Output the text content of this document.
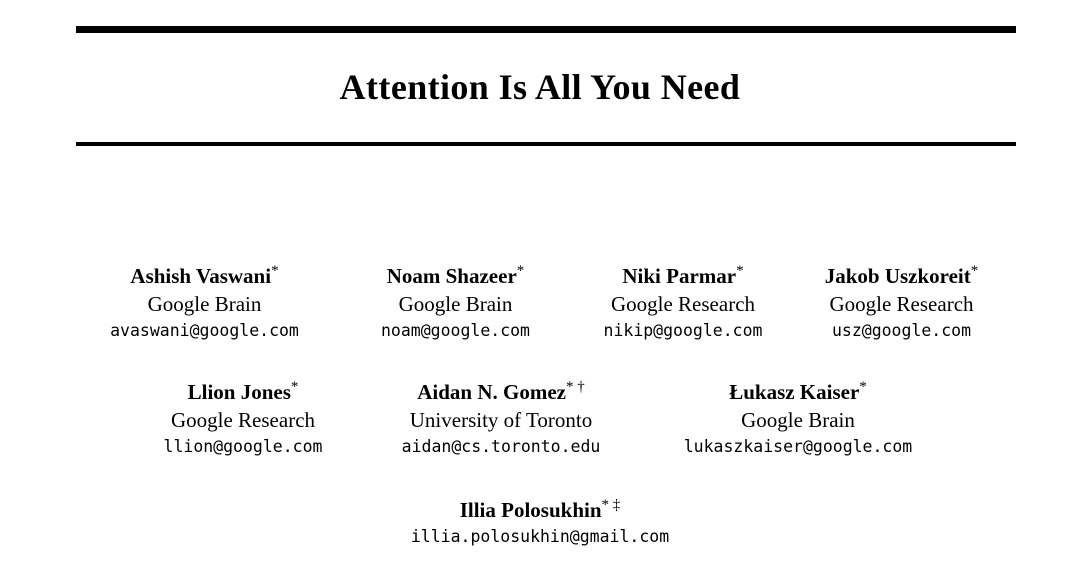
Attention Is All You Need
Ashish Vaswani*
Google Brain
avaswani@google.com
Noam Shazeer*
Google Brain
noam@google.com
Niki Parmar*
Google Research
nikip@google.com
Jakob Uszkoreit*
Google Research
usz@google.com
Llion Jones*
Google Research
llion@google.com
Aidan N. Gomez* †
University of Toronto
aidan@cs.toronto.edu
Łukasz Kaiser*
Google Brain
lukaszkaiser@google.com
Illia Polosukhin* ‡
illia.polosukhin@gmail.com
